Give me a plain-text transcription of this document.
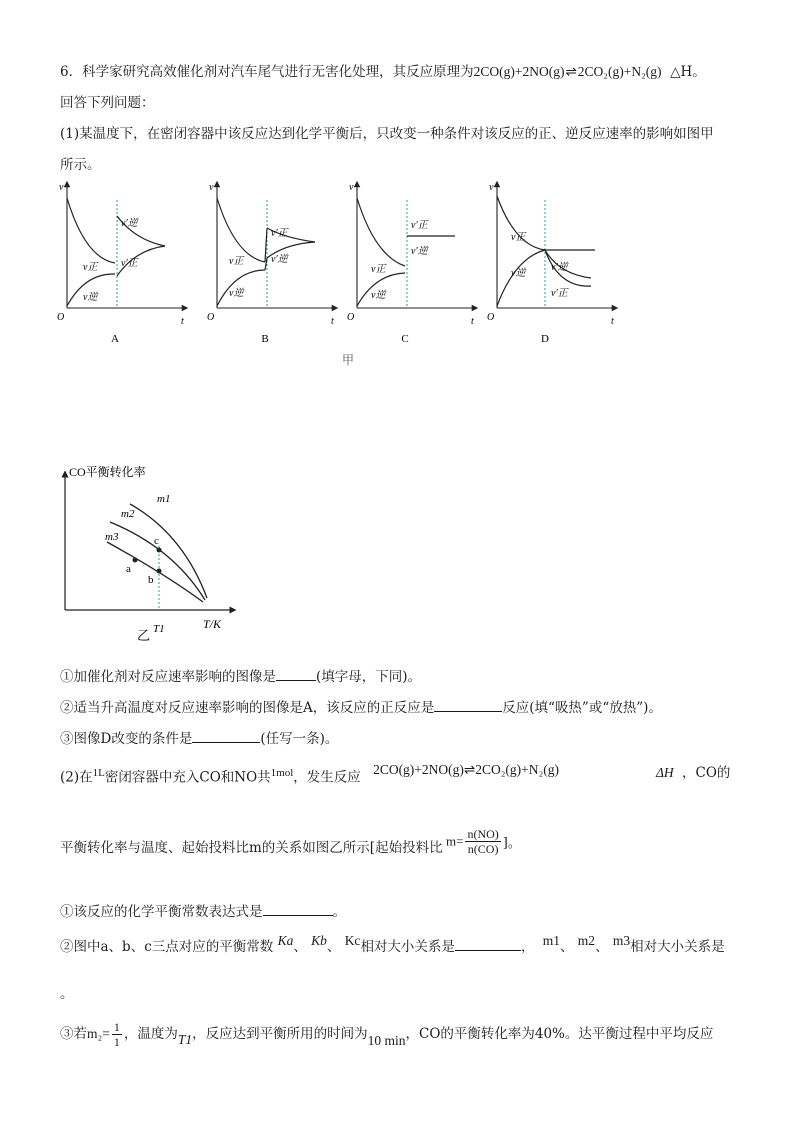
6．科学家研究高效催化剂对汽车尾气进行无害化处理，其反应原理为2CO(g)+2NO(g)⇌2CO₂(g)+N₂(g) △H。
回答下列问题：
(1)某温度下，在密闭容器中该反应达到化学平衡后，只改变一种条件对该反应的正、逆反应速率的影响如图甲
所示。
v
t
O
v′逆
v′正
v正
v逆
A
v
t
O
v′正
v′逆
v正
v逆
B
v
t
O
v′正
v′逆
v正
v逆
C
v
t
O
v正
v逆
v′逆
v′正
D
甲
CO平衡转化率
T/K
m1
m2
m3	c
b
a
T1
乙
①加催化剂对反应速率影响的图像是	(填字母，下同)。
②适当升高温度对反应速率影响的图像是A，该反应的正反应是	反应(填“吸热”或“放热”)。
③图像D改变的条件是	(任写一条)。
(2)在$^{1L}$密闭容器中充入CO和NO共$^{1mol}$，发生反应 2CO(g)+2NO(g)⇌2CO₂(g)+N₂(g)	ΔH ，CO的
平衡转化率与温度、起始投料比m的关系如图乙所示[起始投料比 $m= \frac{n(NO)}{n(CO)}$ ]。
①该反应的化学平衡常数表达式是	。
②图中a、b、c三点对应的平衡常数 Ka、 Kb、 Kc相对大小关系是	， m1、 m2、 m3相对大小关系是
。
③若$m_2= \frac{1}{1}$ ，温度为T1，反应达到平衡所用的时间为10 min，CO的平衡转化率为40%。达平衡过程中平均反应
